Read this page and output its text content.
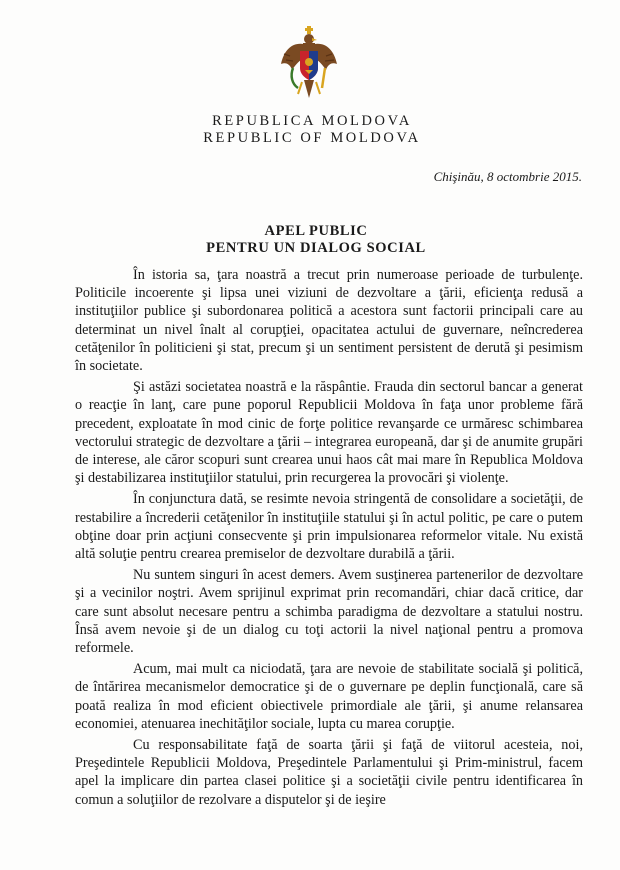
REPUBLICA MOLDOVA
REPUBLIC OF MOLDOVA
Chişinău, 8 octombrie 2015.
APEL PUBLIC
PENTRU UN DIALOG SOCIAL

În istoria sa, ţara noastră a trecut prin numeroase perioade de turbulenţe. Politicile incoerente şi lipsa unei viziuni de dezvoltare a ţării, eficienţa redusă a instituţiilor publice şi subordonarea politică a acestora sunt factorii principali care au determinat un nivel înalt al corupţiei, opacitatea actului de guvernare, neîncrederea cetăţenilor în politicieni şi stat, precum şi un sentiment persistent de derută şi pesimism în societate.

Şi astăzi societatea noastră e la răspântie. Frauda din sectorul bancar a generat o reacţie în lanţ, care pune poporul Republicii Moldova în faţa unor probleme fără precedent, exploatate în mod cinic de forţe politice revanşarde ce urmăresc schimbarea vectorului strategic de dezvoltare a ţării – integrarea europeană, dar şi de anumite grupări de interese, ale căror scopuri sunt crearea unui haos cât mai mare în Republica Moldova şi destabilizarea instituţiilor statului, prin recurgerea la provocări şi violenţe.

În conjunctura dată, se resimte nevoia stringentă de consolidare a societăţii, de restabilire a încrederii cetăţenilor în instituţiile statului şi în actul politic, pe care o putem obţine doar prin acţiuni consecvente şi prin impulsionarea reformelor vitale. Nu există altă soluţie pentru crearea premiselor de dezvoltare durabilă a ţării.

Nu suntem singuri în acest demers. Avem susţinerea partenerilor de dezvoltare şi a vecinilor noştri. Avem sprijinul exprimat prin recomandări, chiar dacă critice, dar care sunt absolut necesare pentru a schimba paradigma de dezvoltare a statului nostru. Însă avem nevoie şi de un dialog cu toţi actorii la nivel naţional pentru a promova reformele.

Acum, mai mult ca niciodată, ţara are nevoie de stabilitate socială şi politică, de întărirea mecanismelor democratice şi de o guvernare pe deplin funcţională, care să poată realiza în mod eficient obiectivele primordiale ale ţării, şi anume relansarea economiei, atenuarea inechităţilor sociale, lupta cu marea corupţie.

Cu responsabilitate faţă de soarta ţării şi faţă de viitorul acesteia, noi, Preşedintele Republicii Moldova, Preşedintele Parlamentului şi Prim-ministrul, facem apel la implicare din partea clasei politice şi a societăţii civile pentru identificarea în comun a soluţiilor de rezolvare a disputelor şi de ieşire
